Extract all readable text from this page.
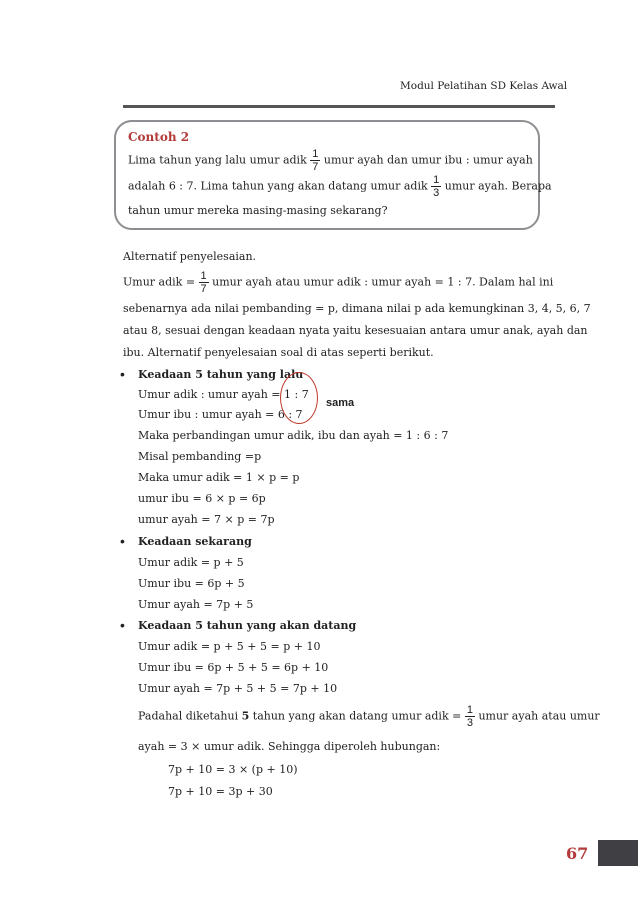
Modul Pelatihan SD Kelas Awal
Contoh 2
Lima tahun yang lalu umur adik $\frac{1}{7}$ umur ayah dan umur ibu : umur ayah
adalah 6 : 7. Lima tahun yang akan datang umur adik $\frac{1}{3}$ umur ayah. Berapa
tahun umur mereka masing-masing sekarang?
Alternatif penyelesaian.
Umur adik = $\frac{1}{7}$ umur ayah atau umur adik : umur ayah = 1 : 7. Dalam hal ini
sebenarnya ada nilai pembanding = p, dimana nilai p ada kemungkinan 3, 4, 5, 6, 7
atau 8, sesuai dengan keadaan nyata yaitu kesesuaian antara umur anak, ayah dan
ibu. Alternatif penyelesaian soal di atas seperti berikut.
• Keadaan 5 tahun yang lalu
Umur adik : umur ayah = 1 : 7
Umur ibu : umur ayah = 6 : 7
sama
Maka perbandingan umur adik, ibu dan ayah = 1 : 6 : 7
Misal pembanding =p
Maka umur adik = 1 × p = p
umur ibu = 6 × p = 6p
umur ayah = 7 × p = 7p
• Keadaan sekarang
Umur adik = p + 5
Umur ibu = 6p + 5
Umur ayah = 7p + 5
• Keadaan 5 tahun yang akan datang
Umur adik = p + 5 + 5 = p + 10
Umur ibu = 6p + 5 + 5 = 6p + 10
Umur ayah = 7p + 5 + 5 = 7p + 10
Padahal diketahui 5 tahun yang akan datang umur adik = $\frac{1}{3}$ umur ayah atau umur
ayah = 3 × umur adik. Sehingga diperoleh hubungan:
7p + 10 = 3 × (p + 10)
7p + 10 = 3p + 30
67
